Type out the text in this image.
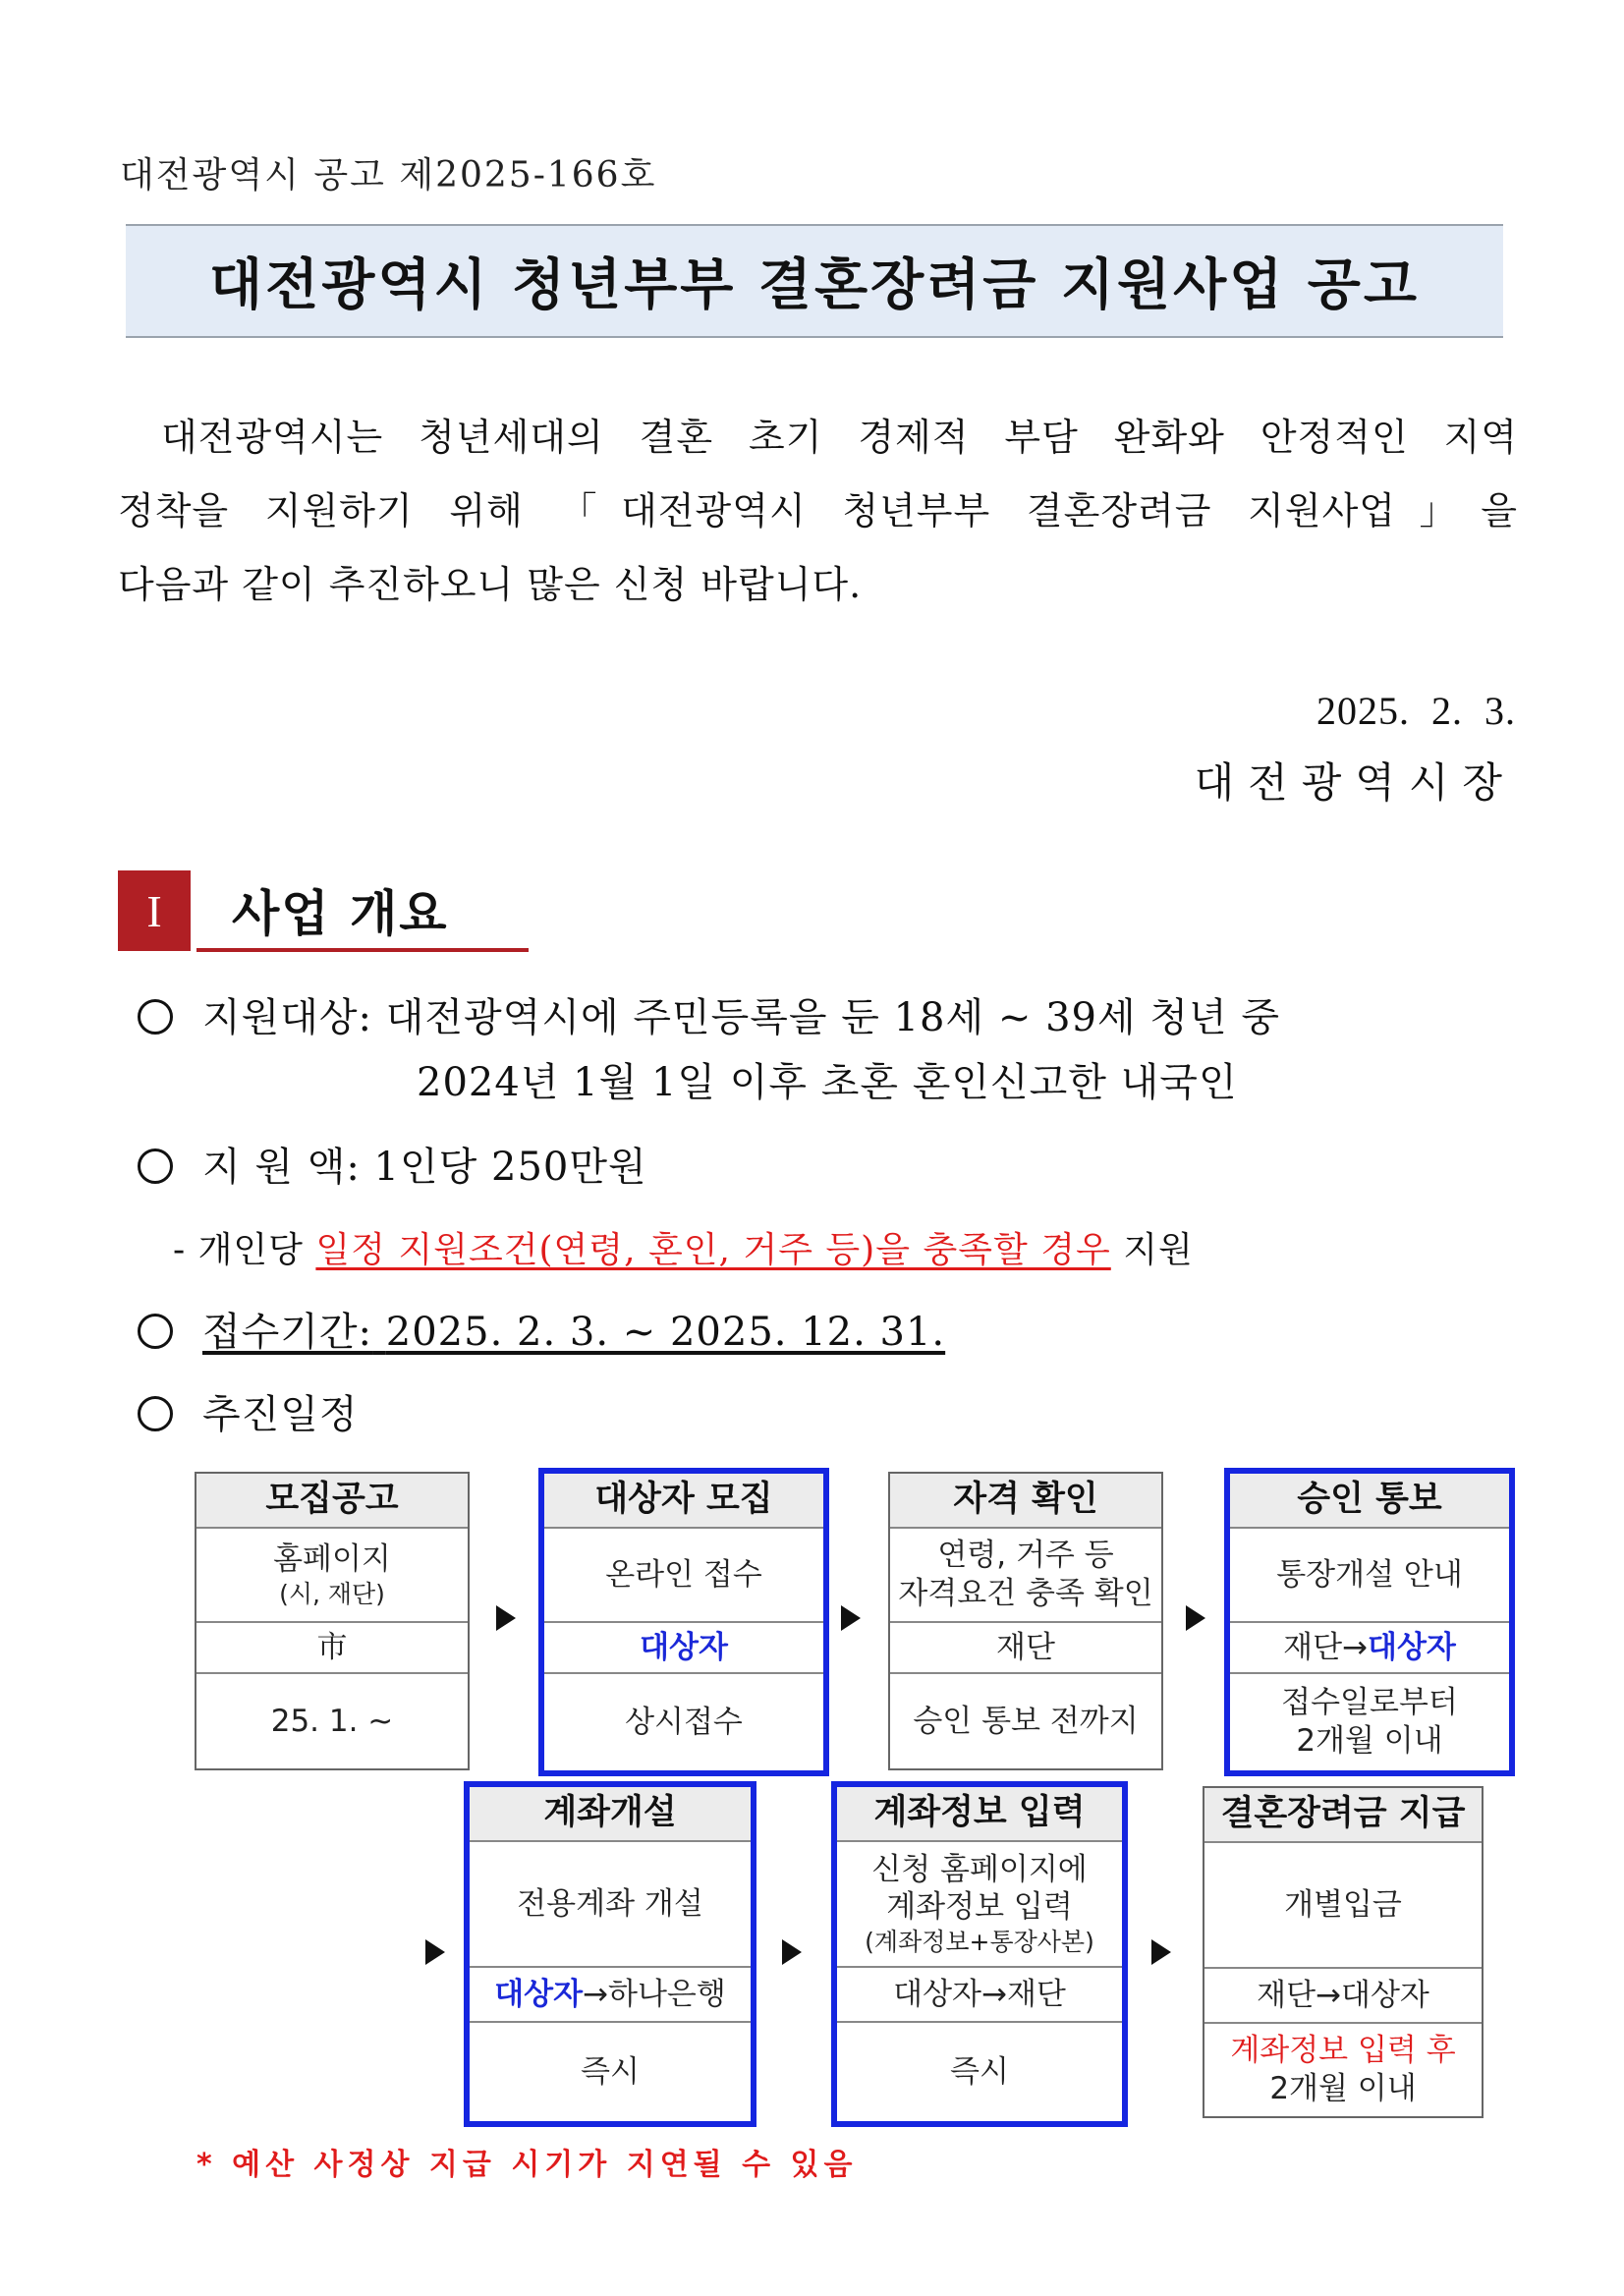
대전광역시 공고 제2025-166호
대전광역시 청년부부 결혼장려금 지원사업 공고

대전광역시는 청년세대의 결혼 초기 경제적 부담 완화와 안정적인 지역

정착을 지원하기 위해 「대전광역시 청년부부 결혼장려금 지원사업」을

다음과 같이 추진하오니 많은 신청 바랍니다.

2025.  2.  3.
대전광역시장
I	사업 개요
지원대상: 대전광역시에 주민등록을 둔 18세 ~ 39세 청년 중
2024년 1월 1일 이후 초혼 혼인신고한 내국인
지 원 액: 1인당 250만원
- 개인당 일정 지원조건(연령, 혼인, 거주 등)을 충족할 경우 지원
접수기간: 2025. 2. 3. ~ 2025. 12. 31.
추진일정
모집공고
홈페이지
(시, 재단)
市
25. 1. ~
대상자 모집
온라인 접수
대상자
상시접수
자격 확인
연령, 거주 등
자격요건 충족 확인
재단
승인 통보 전까지
승인 통보
통장개설 안내
재단→ 대상자
접수일로부터
2개월 이내
계좌개설
전용계좌 개설
대상자 →하나은행
즉시
계좌정보 입력
신청 홈페이지에
계좌정보 입력
(계좌정보+통장사본)
대상자→재단
즉시
결혼장려금 지급
개별입금
재단→대상자
계좌정보 입력 후
2개월 이내
* 예산 사정상 지급 시기가 지연될 수 있음
